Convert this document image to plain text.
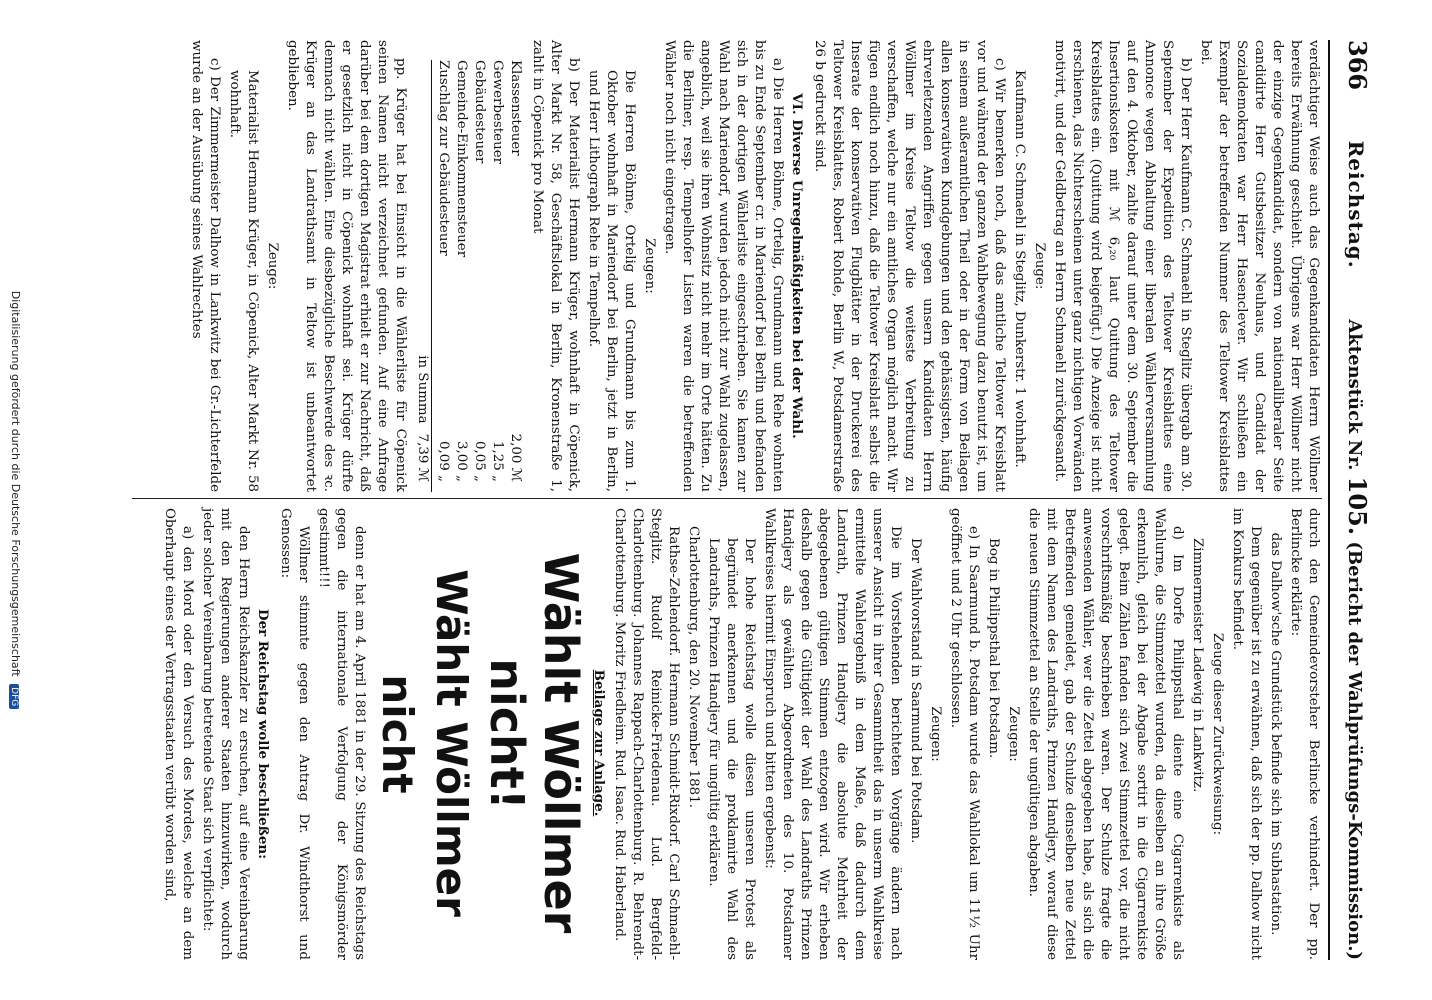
366
Reichstag.
Aktenstück Nr. 105. (Bericht der Wahlprüfungs-Kommission.)

verdächtiger Weise auch das Gegenkandidaten Herrn Wöllmer bereits Erwähnung geschieht. Übrigens war Herr Wöllmer nicht der einzige Gegenkandidat, sondern von nationalliberaler Seite candidirte Herr Gutsbesitzer Neuhaus, und Candidat der Sozialdemokraten war Herr Hasenclever. Wir schließen ein Exemplar der betreffenden Nummer des Teltower Kreisblattes bei.

b) Der Herr Kaufmann C. Schmaehl in Steglitz übergab am 30. September der Expedition des Teltower Kreisblattes eine Annonce wegen Abhaltung einer liberalen Wählerversammlung auf den 4. Oktober, zahlte darauf unter dem 30. September die Insertionskosten mit ℳ 6,₂₀ laut Quittung des Teltower Kreisblattes ein. (Quittung wird beigefügt.) Die Anzeige ist nicht erschienen, das Nichterscheinen unter ganz nichtigen Vorwänden motivirt, und der Geldbetrag an Herrn Schmaehl zurückgesandt.

Zeuge:

Kaufmann C. Schmaehl in Steglitz, Dunkerstr. 1 wohnhaft.

c) Wir bemerken noch, daß das amtliche Teltower Kreisblatt vor und während der ganzen Wahlbewegung dazu benutzt ist, um in seinem außeramtlichen Theil oder in der Form von Beilagen allen konservativen Kundgebungen und den gehässigsten, häufig ehrverletzenden Angriffen gegen unsern Kandidaten Herrn Wöllmer im Kreise Teltow die weiteste Verbreitung zu verschaffen, welche nur ein amtliches Organ möglich macht. Wir fügen endlich noch hinzu, daß die Teltower Kreisblatt selbst die Inserate der konservativen Flugblätter in der Druckerei des Teltower Kreisblattes, Robert Rohde, Berlin W., Potsdamerstraße 26 b gedruckt sind.

VI. Diverse Unregelmäßigkeiten bei der Wahl.

a) Die Herren Böhme, Ortelig, Grundmann und Rehe wohnten bis zu Ende September cr. in Mariendorf bei Berlin und befanden sich in der dortigen Wählerliste eingeschrieben. Sie kamen zur Wahl nach Mariendorf, wurden jedoch nicht zur Wahl zugelassen, angeblich, weil sie ihren Wohnsitz nicht mehr im Orte hätten. Zu die Berliner, resp. Tempelhofer Listen waren die betreffenden Wähler noch nicht eingetragen.

Zeugen:

Die Herren Böhme, Ortelig und Grundmann bis zum 1. Oktober wohnhaft in Mariendorf bei Berlin, jetzt in Berlin, und Herr Lithograph Rehe in Tempelhof.

b) Der Materialist Hermann Krüger, wohnhaft in Cöpenick, Alter Markt Nr. 58, Geschäftslokal in Berlin, Kronenstraße 1, zahlt in Cöpenick pro Monat

Klassensteuer
2,00 ℳ
Gewerbesteuer
1,25 „
Gebäudesteuer
0,05 „
Gemeinde-Einkommensteuer
3,00 „
Zuschlag zur Gebäudesteuer
0,09 „
in Summa
7,39 ℳ

pp. Krüger hat bei Einsicht in die Wählerliste für Cöpenick seinen Namen nicht verzeichnet gefunden. Auf eine Anfrage darüber bei dem dortigen Magistrat erhielt er zur Nachricht, daß er gesetzlich nicht in Cöpenick wohnhaft sei. Krüger dürfte demnach nicht wählen. Eine diesbezügliche Beschwerde des ꝛc. Krüger an das Landrathsamt in Teltow ist unbeantwortet geblieben.

Zeuge:

Materialist Hermann Krüger, in Cöpenick, Alter Markt Nr. 58 wohnhaft.

c) Der Zimmermeister Dalhow in Lankwitz bei Gr.-Lichterfelde wurde an der Ausübung seines Wahlrechtes

durch den Gemeindevorsteher Berlincke verhindert. Der pp. Berlincke erklärte:

das Dalhow'sche Grundstück befinde sich im Subhastation.

Dem gegenüber ist zu erwähnen, daß sich der pp. Dalhow nicht im Konkurs befindet.

Zeuge dieser Zurückweisung:

Zimmermeister Ladewig in Lankwitz.

d) Im Dorfe Philippsthal diente eine Cigarrenkiste als Wahlurne, die Stimmzettel wurden, da dieselben an ihre Größe erkennlich, gleich bei der Abgabe sortirt in die Cigarrenkiste gelegt. Beim Zählen fanden sich zwei Stimmzettel vor, die nicht vorschriftsmäßig beschrieben waren. Der Schulze fragte die anwesenden Wähler, wer die Zettel abgegeben habe, als sich die Betreffenden gemeldet, gab der Schulze denselben neue Zettel mit dem Namen des Landraths, Prinzen Handjery, worauf diese die neuen Stimmzettel an Stelle der ungültigen abgaben.

Zeugen:

Bog in Philippsthal bei Potsdam.

e) In Saarmund b. Potsdam wurde das Wahllokal um 11½ Uhr geöffnet und 2 Uhr geschlossen.

Zeugen:

Der Wahlvorstand in Saarmund bei Potsdam.

Die im Vorstehenden berichteten Vorgänge ändern nach unserer Ansicht in ihrer Gesammtheit das in unserm Wahlkreise ermittelte Wahlergebniß in dem Maße, daß dadurch dem Landrath, Prinzen Handjery die absolute Mehrheit der abgegebenen gültigen Stimmen entzogen wird. Wir erheben deshalb gegen die Gültigkeit der Wahl des Landraths Prinzen Handjery als gewählten Abgeordneten des 10. Potsdamer Wahlkreises hiermit Einspruch und bitten ergebenst:

Der hohe Reichstag wolle diesen unseren Protest als begründet anerkennen und die proklamirte Wahl des Landraths, Prinzen Handjery für ungültig erklären.

Charlottenburg, den 20. November 1881.

Rathse-Zehlendorf. Hermann Schmidt-Rixdorf. Carl Schmaehl-Steglitz. Rudolf Reinicke-Friedenau. Lud. Bergfeld-Charlottenburg. Johannes Rappach-Charlottenburg. R. Behrendt-Charlottenburg. Moritz Friedheim. Rud. Isaac. Rud. Haberland.

Beilage zur Anlage.

Wählt Wöllmer nicht!

Wählt Wöllmer nicht

denn er hat am 4. April 1881 in der 29. Sitzung des Reichstags gegen die internationale Verfolgung der Königsmörder gestimmt!!!

Wöllmer stimmte gegen den Antrag Dr. Windthorst und Genossen:

Der Reichstag wolle beschließen:

den Herrn Reichskanzler zu ersuchen, auf eine Vereinbarung mit den Regierungen anderer Staaten hinzuwirken, wodurch jeder solcher Vereinbarung betretende Staat sich verpflichtet:

a) den Mord oder den Versuch des Mordes, welche an dem Oberhaupt eines der Vertragsstaaten verübt worden sind,

Digitalisierung gefördert durch die Deutsche Forschungsgemeinschaft DFG
